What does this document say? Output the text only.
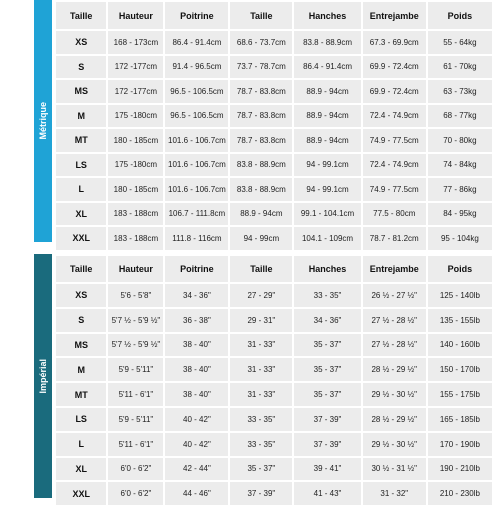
Métrique
Taille	Hauteur	Poitrine	Taille	Hanches	Entrejambe	Poids
XS	168 - 173cm	86.4 - 91.4cm	68.6 - 73.7cm	83.8 - 88.9cm	67.3 - 69.9cm	55 - 64kg
S	172 -177cm	91.4 - 96.5cm	73.7 - 78.7cm	86.4 - 91.4cm	69.9 - 72.4cm	61 - 70kg
MS	172 -177cm	96.5 - 106.5cm	78.7 - 83.8cm	88.9 - 94cm	69.9 - 72.4cm	63 - 73kg
M	175 -180cm	96.5 - 106.5cm	78.7 - 83.8cm	88.9 - 94cm	72.4 - 74.9cm	68 - 77kg
MT	180 - 185cm	101.6 - 106.7cm	78.7 - 83.8cm	88.9 - 94cm	74.9 - 77.5cm	70 - 80kg
LS	175 -180cm	101.6 - 106.7cm	83.8 - 88.9cm	94 - 99.1cm	72.4 - 74.9cm	74 - 84kg
L	180 - 185cm	101.6 - 106.7cm	83.8 - 88.9cm	94 - 99.1cm	74.9 - 77.5cm	77 - 86kg
XL	183 - 188cm	106.7 - 111.8cm	88.9 - 94cm	99.1 - 104.1cm	77.5 - 80cm	84 - 95kg
XXL	183 - 188cm	111.8 - 116cm	94 - 99cm	104.1 - 109cm	78.7 - 81.2cm	95 - 104kg
Impérial
Taille	Hauteur	Poitrine	Taille	Hanches	Entrejambe	Poids
XS	5'6 - 5'8"	34 - 36"	27 - 29"	33 - 35"	26 ½ - 27 ½"	125 - 140lb
S	5'7 ½ - 5'9 ½"	36 - 38"	29 - 31"	34 - 36"	27 ½ - 28 ½"	135 - 155lb
MS	5'7 ½ - 5'9 ½"	38 - 40"	31 - 33"	35 - 37"	27 ½ - 28 ½"	140 - 160lb
M	5'9 - 5'11"	38 - 40"	31 - 33"	35 - 37"	28 ½ - 29 ½"	150 - 170lb
MT	5'11 - 6'1"	38 - 40"	31 - 33"	35 - 37"	29 ½ - 30 ½"	155 - 175lb
LS	5'9 - 5'11"	40 - 42"	33 - 35"	37 - 39"	28 ½ - 29 ½"	165 - 185lb
L	5'11 - 6'1"	40 - 42"	33 - 35"	37 - 39"	29 ½ - 30 ½"	170 - 190lb
XL	6'0 - 6'2"	42 - 44"	35 - 37"	39 - 41"	30 ½ - 31 ½"	190 - 210lb
XXL	6'0 - 6'2"	44 - 46"	37 - 39"	41 - 43"	31 - 32"	210 - 230lb
